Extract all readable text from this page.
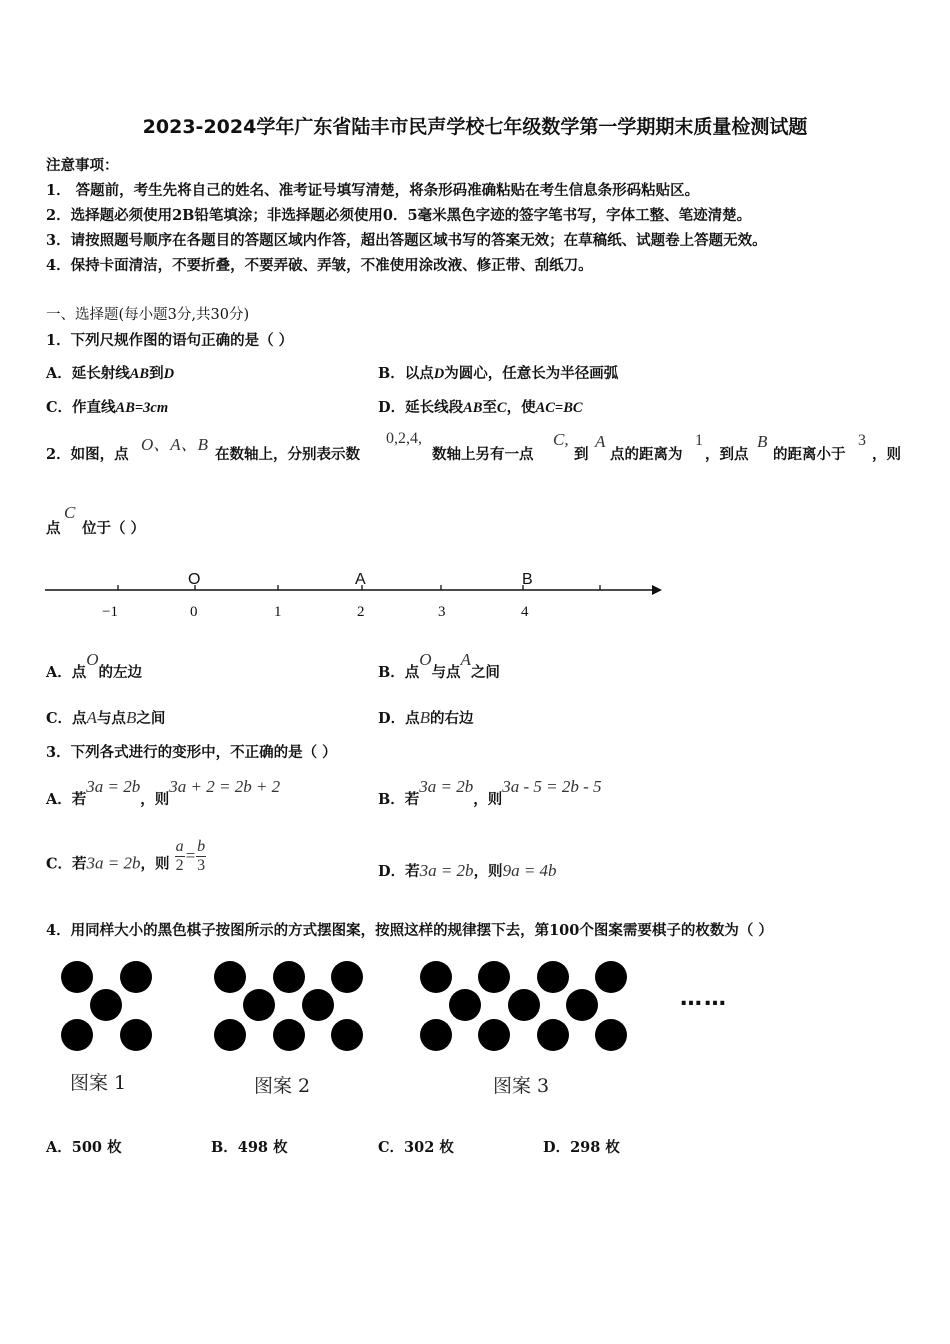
2023-2024学年广东省陆丰市民声学校七年级数学第一学期期末质量检测试题
注意事项：
1． 答题前，考生先将自己的姓名、准考证号填写清楚，将条形码准确粘贴在考生信息条形码粘贴区。
2．选择题必须使用2B铅笔填涂；非选择题必须使用0．5毫米黑色字迹的签字笔书写，字体工整、笔迹清楚。
3．请按照题号顺序在各题目的答题区域内作答，超出答题区域书写的答案无效；在草稿纸、试题卷上答题无效。
4．保持卡面清洁，不要折叠，不要弄破、弄皱，不准使用涂改液、修正带、刮纸刀。
一、选择题(每小题3分,共30分)
1．下列尺规作图的语句正确的是（ ）
A．延长射线AB到D	B．以点D为圆心，任意长为半径画弧
C．作直线AB=3cm	D．延长线段AB至C，使AC=BC
2．如图，点
O、A、B
在数轴上，分别表示数
0,2,4,
数轴上另有一点
C,
到
A
点的距离为
1
，到点
B
的距离小于
3
，则
点
C
位于（ ）
O	A	B
−1	0	1	2	3	4
A．点O的左边	B．点O与点A之间
C．点A与点B之间	D．点B的右边
3．下列各式进行的变形中，不正确的是（ ）
A．若3a = 2b，则3a + 2 = 2b + 2
B．若3a = 2b，则3a - 5 = 2b - 5
C．若3a = 2b，则 $\frac{a}{2} = \frac{b}{3}$	D．若3a = 2b，则9a = 4b
4．用同样大小的黑色棋子按图所示的方式摆图案，按照这样的规律摆下去，第100个图案需要棋子的枚数为（ ）
……
图案 1	图案 2	图案 3
A．500 枚	B．498 枚	C．302 枚	D．298 枚
